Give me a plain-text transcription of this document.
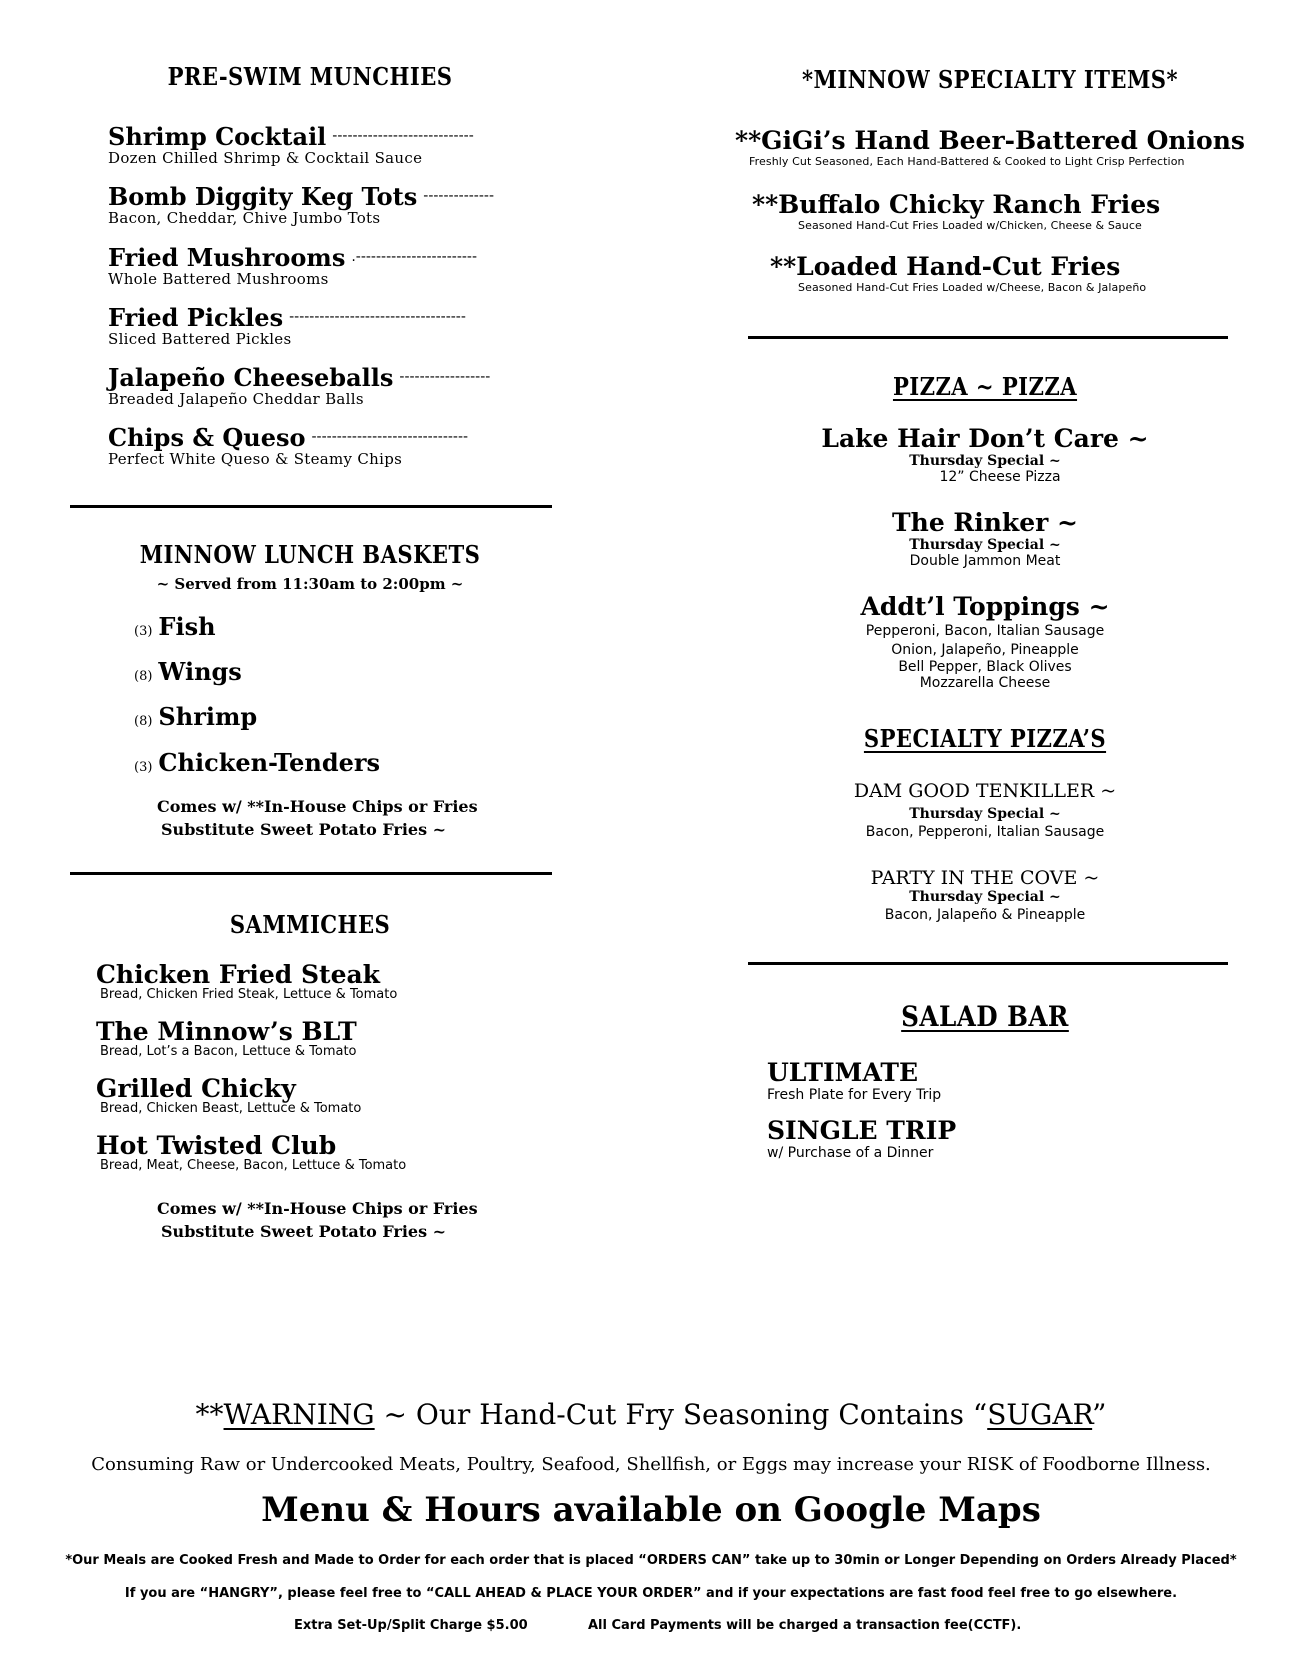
PRE-SWIM MUNCHIES
Shrimp Cocktail ----------------------------
Dozen Chilled Shrimp & Cocktail Sauce
Bomb Diggity Keg Tots --------------
Bacon, Cheddar, Chive Jumbo Tots
Fried Mushrooms .------------------------
Whole Battered Mushrooms
Fried Pickles -----------------------------------
Sliced Battered Pickles
Jalapeño Cheeseballs ------------------
Breaded Jalapeño Cheddar Balls
Chips & Queso -------------------------------
Perfect White Queso & Steamy Chips
MINNOW LUNCH BASKETS
~ Served from 11:30am to 2:00pm ~
(3) Fish
(8) Wings
(8) Shrimp
(3) Chicken-Tenders
Comes w/ **In-House Chips or Fries
Substitute Sweet Potato Fries ~
SAMMICHES
Chicken Fried Steak
Bread, Chicken Fried Steak, Lettuce & Tomato
The Minnow’s BLT
Bread, Lot’s a Bacon, Lettuce & Tomato
Grilled Chicky
Bread, Chicken Beast, Lettuce & Tomato
Hot Twisted Club
Bread, Meat, Cheese, Bacon, Lettuce & Tomato
Comes w/ **In-House Chips or Fries
Substitute Sweet Potato Fries ~
*MINNOW SPECIALTY ITEMS*
**GiGi’s Hand Beer-Battered Onions
Freshly Cut Seasoned, Each Hand-Battered & Cooked to Light Crisp Perfection
**Buffalo Chicky Ranch Fries
Seasoned Hand-Cut Fries Loaded w/Chicken, Cheese & Sauce
**Loaded Hand-Cut Fries
Seasoned Hand-Cut Fries Loaded w/Cheese, Bacon & Jalapeño
PIZZA ~ PIZZA
Lake Hair Don’t Care ~
Thursday Special ~
12” Cheese Pizza
The Rinker ~
Thursday Special ~
Double Jammon Meat
Addt’l Toppings ~
Pepperoni, Bacon, Italian Sausage
Onion, Jalapeño, Pineapple
Bell Pepper, Black Olives
Mozzarella Cheese
SPECIALTY PIZZA’S
DAM GOOD TENKILLER ~
Thursday Special ~
Bacon, Pepperoni, Italian Sausage
PARTY IN THE COVE ~
Thursday Special ~
Bacon, Jalapeño & Pineapple
SALAD BAR
ULTIMATE
Fresh Plate for Every Trip
SINGLE TRIP
w/ Purchase of a Dinner
**WARNING ~ Our Hand-Cut Fry Seasoning Contains “SUGAR”
Consuming Raw or Undercooked Meats, Poultry, Seafood, Shellfish, or Eggs may increase your RISK of Foodborne Illness.
Menu & Hours available on Google Maps
*Our Meals are Cooked Fresh and Made to Order for each order that is placed “ORDERS CAN” take up to 30min or Longer Depending on Orders Already Placed*
If you are “HANGRY”, please feel free to “CALL AHEAD & PLACE YOUR ORDER” and if your expectations are fast food feel free to go elsewhere.
Extra Set-Up/Split Charge $5.00	All Card Payments will be charged a transaction fee(CCTF).
